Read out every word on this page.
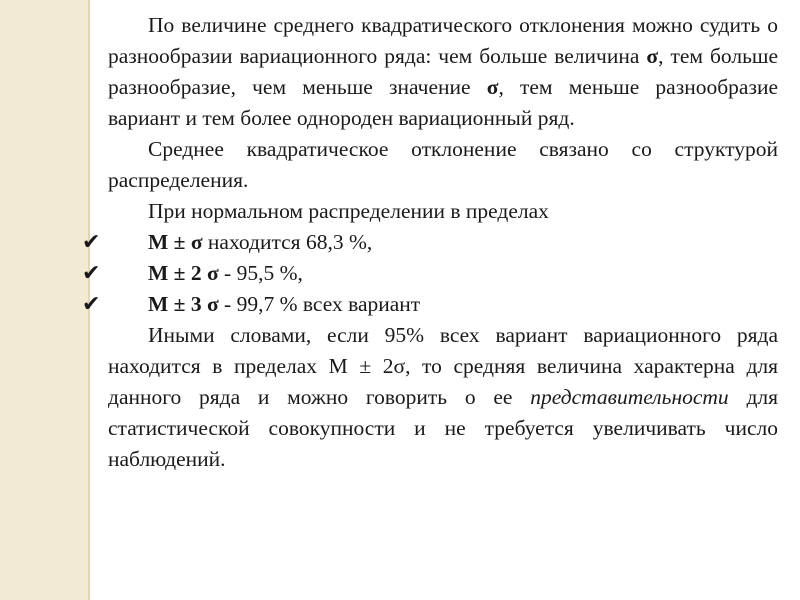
По величине среднего квадратического отклонения можно судить о разнообразии вариационного ряда: чем больше величина σ, тем больше разнообразие, чем меньше значение σ, тем меньше разнообразие вариант и тем более однороден вариационный ряд.

Среднее квадратическое отклонение связано со структурой распределения.

При нормальном распределении в пределах

✔ М ± σ находится 68,3 %,

✔ М ± 2 σ - 95,5 %,

✔ М ± 3 σ - 99,7 % всех вариант

Иными словами, если 95% всех вариант вариационного ряда находится в пределах М ± 2σ, то средняя величина характерна для данного ряда и можно говорить о ее представительности для статистической совокупности и не требуется увеличивать число наблюдений.
